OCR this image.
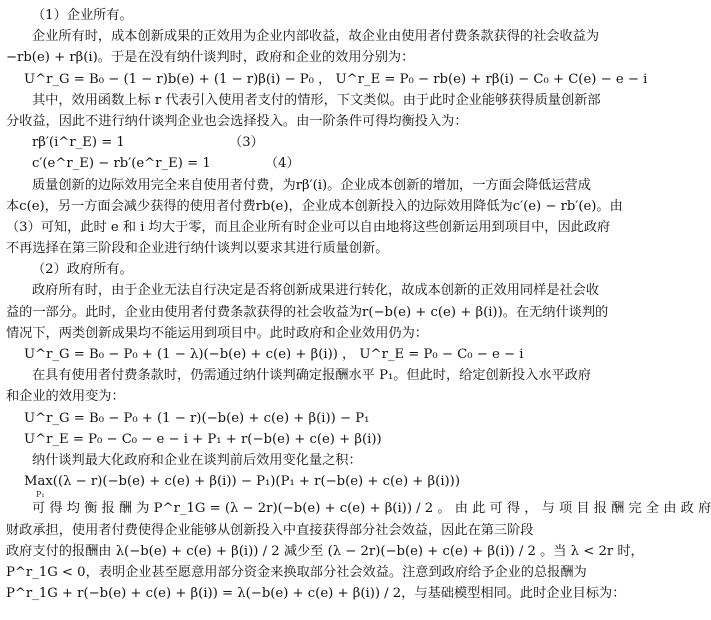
（1）企业所有。
企业所有时，成本创新成果的正效用为企业内部收益，故企业由使用者付费条款获得的社会收益为
−rb(e) + rβ(i)。于是在没有纳什谈判时，政府和企业的效用分别为：
U^r_G = B₀ − (1 − r)b(e) + (1 − r)β(i) − P₀ ， U^r_E = P₀ − rb(e) + rβ(i) − C₀ + C(e) − e − i
其中，效用函数上标 r 代表引入使用者支付的情形，下文类似。由于此时企业能够获得质量创新部
分收益，因此不进行纳什谈判企业也会选择投入。由一阶条件可得均衡投入为：
rβ′(i^r_E) = 1	（3）
c′(e^r_E) − rb′(e^r_E) = 1	（4）
质量创新的边际效用完全来自使用者付费，为rβ′(i)。企业成本创新的增加，一方面会降低运营成
本c(e)，另一方面会减少获得的使用者付费rb(e)，企业成本创新投入的边际效用降低为c′(e) − rb′(e)。由
（3）可知，此时 e 和 i 均大于零，而且企业所有时企业可以自由地将这些创新运用到项目中，因此政府
不再选择在第三阶段和企业进行纳什谈判以要求其进行质量创新。
（2）政府所有。
政府所有时，由于企业无法自行决定是否将创新成果进行转化，故成本创新的正效用同样是社会收
益的一部分。此时，企业由使用者付费条款获得的社会收益为r(−b(e) + c(e) + β(i))。在无纳什谈判的
情况下，两类创新成果均不能运用到项目中。此时政府和企业效用仍为：
U^r_G = B₀ − P₀ + (1 − λ)(−b(e) + c(e) + β(i)) ， U^r_E = P₀ − C₀ − e − i
在具有使用者付费条款时，仍需通过纳什谈判确定报酬水平 P₁。但此时，给定创新投入水平政府
和企业的效用变为：
U^r_G = B₀ − P₀ + (1 − r)(−b(e) + c(e) + β(i)) − P₁
U^r_E = P₀ − C₀ − e − i + P₁ + r(−b(e) + c(e) + β(i))
纳什谈判最大化政府和企业在谈判前后效用变化量之积：
Max((λ − r)(−b(e) + c(e) + β(i)) − P₁)(P₁ + r(−b(e) + c(e) + β(i)))
P₁
可 得 均 衡 报 酬 为 P^r_1G = (λ − 2r)(−b(e) + c(e) + β(i)) / 2 。 由 此 可 得 ， 与 项 目 报 酬 完 全 由 政 府
财政承担，使用者付费使得企业能够从创新投入中直接获得部分社会效益，因此在第三阶段
政府支付的报酬由 λ(−b(e) + c(e) + β(i)) / 2 减少至 (λ − 2r)(−b(e) + c(e) + β(i)) / 2 。当 λ < 2r 时，
P^r_1G < 0，表明企业甚至愿意用部分资金来换取部分社会效益。注意到政府给予企业的总报酬为
P^r_1G + r(−b(e) + c(e) + β(i)) = λ(−b(e) + c(e) + β(i)) / 2，与基础模型相同。此时企业目标为：
